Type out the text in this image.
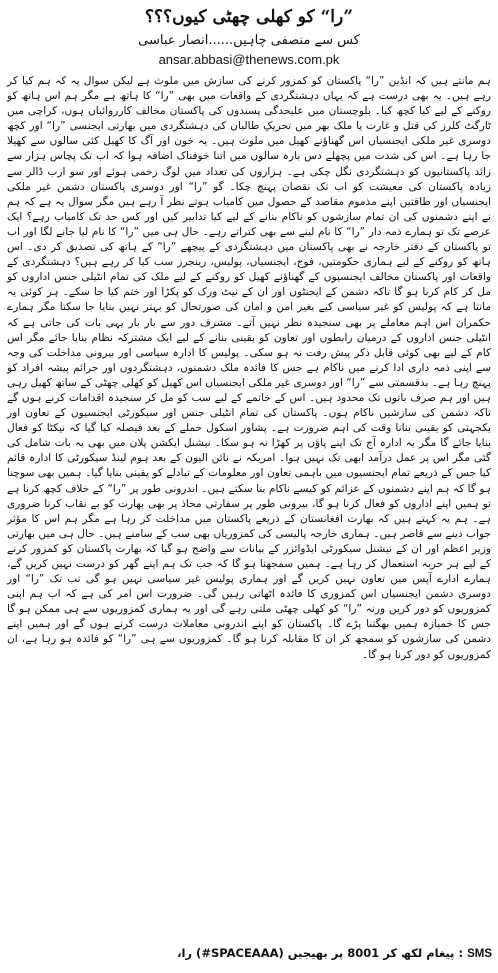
”را“ کو کھلی چھٹی کیوں؟؟؟
کس سے منصفی چاہیں......انصار عباسی
ansar.abbasi@thenews.com.pk

ہم مانتے ہیں کہ انڈین ”را“ پاکستان کو کمزور کرنے کی سازش میں ملوث ہے لیکن سوال یہ کہ ہم کیا کر رہے ہیں۔ یہ بھی درست ہے کہ یہاں دہشتگردی کے واقعات میں بھی ”را“ کا ہاتھ ہے مگر ہم اس ہاتھ کو روکنے کے لیے کیا کچھ کیا۔ بلوچستان میں علیحدگی پسندوں کی پاکستان مخالف کارروائیاں ہوں، کراچی میں ٹارگٹ کلرز کی قتل و غارت یا ملک بھر میں تحریکِ طالبان کی دہشتگردی میں بھارتی ایجنسی ”را“ اور کچھ دوسری غیر ملکی ایجنسیاں اس گھناؤنے کھیل میں ملوث ہیں۔ یہ خون اور آگ کا کھیل کئی سالوں سے کھیلا جا رہا ہے۔ اس کی شدت میں پچھلے دس بارہ سالوں میں اتنا خوفناک اضافہ ہوا کہ اب تک پچاس ہزار سے زائد پاکستانیوں کو دہشتگردی نگل چکی ہے۔ ہزاروں کی تعداد میں لوگ زخمی ہوئے اور سو ارب ڈالر سے زیادہ پاکستان کی معیشت کو اب تک نقصان پہنچ چکا۔ گو ”را“ اور دوسری پاکستان دشمن غیر ملکی ایجنسیاں اور طاقتیں اپنے مذموم مقاصد کے حصول میں کامیاب ہوتے نظر آ رہے ہیں مگر سوال یہ ہے کہ ہم نے اپنے دشمنوں کی ان تمام سازشوں کو ناکام بنانے کے لیے کیا تدابیر کیں اور کس حد تک کامیاب رہے؟ ایک عرصے تک تو ہمارے ذمہ دار ”را“ کا نام لینے سے بھی کتراتے رہے۔ حال ہی میں ”را“ کا نام لیا جانے لگا اور اب تو پاکستان کے دفتر خارجہ نے بھی پاکستان میں دہشتگردی کے پیچھے ”را“ کے ہاتھ کی تصدیق کر دی۔ اس ہاتھ کو روکنے کے لیے ہماری حکومتیں، فوج، ایجنسیاں، پولیس، رینجرز سب کیا کر رہے ہیں؟ دہشتگردی کے واقعات اور پاکستان مخالف ایجنسیوں کے گھناؤنے کھیل کو روکنے کے لیے ملک کی تمام انٹیلی جنس اداروں کو مل کر کام کرنا ہو گا تاکہ دشمن کے ایجنٹوں اور ان کے نیٹ ورک کو پکڑا اور ختم کیا جا سکے۔ ہر کوئی یہ مانتا ہے کہ پولیس کو غیر سیاسی کیے بغیر امن و امان کی صورتحال کو بہتر نہیں بنایا جا سکتا مگر ہمارے حکمران اس اہم معاملے پر بھی سنجیدہ نظر نہیں آتے۔ مشرف دور سے بار بار یہی بات کی جاتی ہے کہ انٹیلی جنس اداروں کے درمیان رابطوں اور تعاون کو یقینی بنانے کے لیے ایک مشترکہ نظام بنایا جائے مگر اس کام کے لیے بھی کوئی قابل ذکر پیش رفت نہ ہو سکی۔ پولیس کا ادارہ سیاسی اور بیرونی مداخلت کی وجہ سے اپنی ذمہ داری ادا کرنے میں ناکام ہے جس کا فائدہ ملک دشمنوں، دہشتگردوں اور جرائم پیشہ افراد کو پہنچ رہا ہے۔ بدقسمتی سے ”را“ اور دوسری غیر ملکی ایجنسیاں اس کھیل کو کھلی چھٹی کے ساتھ کھیل رہی ہیں اور ہم صرف باتوں تک محدود ہیں۔ اس کے خاتمے کے لیے سب کو مل کر سنجیدہ اقدامات کرنے ہوں گے تاکہ دشمن کی سازشیں ناکام ہوں۔ پاکستان کی تمام انٹیلی جنس اور سیکورٹی ایجنسیوں کے تعاون اور یکجہتی کو یقینی بنانا وقت کی اہم ضرورت ہے۔ پشاور اسکول حملے کے بعد فیصلہ کیا گیا کہ نیکٹا کو فعال بنایا جائے گا مگر یہ ادارہ آج تک اپنے پاؤں پر کھڑا نہ ہو سکا۔ نیشنل ایکشن پلان میں بھی یہ بات شامل کی گئی مگر اس پر عمل درآمد ابھی تک نہیں ہوا۔ امریکہ نے نائن الیون کے بعد ہوم لینڈ سیکورٹی کا ادارہ قائم کیا جس کے ذریعے تمام ایجنسیوں میں باہمی تعاون اور معلومات کے تبادلے کو یقینی بنایا گیا۔ ہمیں بھی سوچنا ہو گا کہ ہم اپنے دشمنوں کے عزائم کو کیسے ناکام بنا سکتے ہیں۔ اندرونی طور پر ”را“ کے خلاف کچھ کرنا ہے تو ہمیں اپنے اداروں کو فعال کرنا ہو گا، بیرونی طور پر سفارتی محاذ پر بھی بھارت کو بے نقاب کرنا ضروری ہے۔ ہم یہ کہتے ہیں کہ بھارت افغانستان کے ذریعے پاکستان میں مداخلت کر رہا ہے مگر ہم اس کا مؤثر جواب دینے سے قاصر ہیں۔ ہماری خارجہ پالیسی کی کمزوریاں بھی سب کے سامنے ہیں۔ حال ہی میں بھارتی وزیر اعظم اور ان کے نیشنل سیکورٹی ایڈوائزر کے بیانات سے واضح ہو گیا کہ بھارت پاکستان کو کمزور کرنے کے لیے ہر حربہ استعمال کر رہا ہے۔ ہمیں سمجھنا ہو گا کہ جب تک ہم اپنے گھر کو درست نہیں کریں گے، ہمارے ادارے آپس میں تعاون نہیں کریں گے اور ہماری پولیس غیر سیاسی نہیں ہو گی تب تک ”را“ اور دوسری دشمن ایجنسیاں اس کمزوری کا فائدہ اٹھاتی رہیں گی۔ ضرورت اس امر کی ہے کہ اب ہم اپنی کمزوریوں کو دور کریں ورنہ ”را“ کو کھلی چھٹی ملتی رہے گی اور یہ ہماری کمزوریوں سے ہی ممکن ہو گا جس کا خمیازہ ہمیں بھگتنا پڑے گا۔ پاکستان کو اپنے اندرونی معاملات درست کرنے ہوں گے اور ہمیں اپنے دشمن کی سازشوں کو سمجھ کر ان کا مقابلہ کرنا ہو گا۔ کمزوریوں سے ہی ”را“ کو فائدہ ہو رہا ہے، ان کمزوریوں کو دور کرنا ہو گا۔

SMS : پیغام لکھ کر 8001 پر بھیجیں (SPACEAAA#) را،
